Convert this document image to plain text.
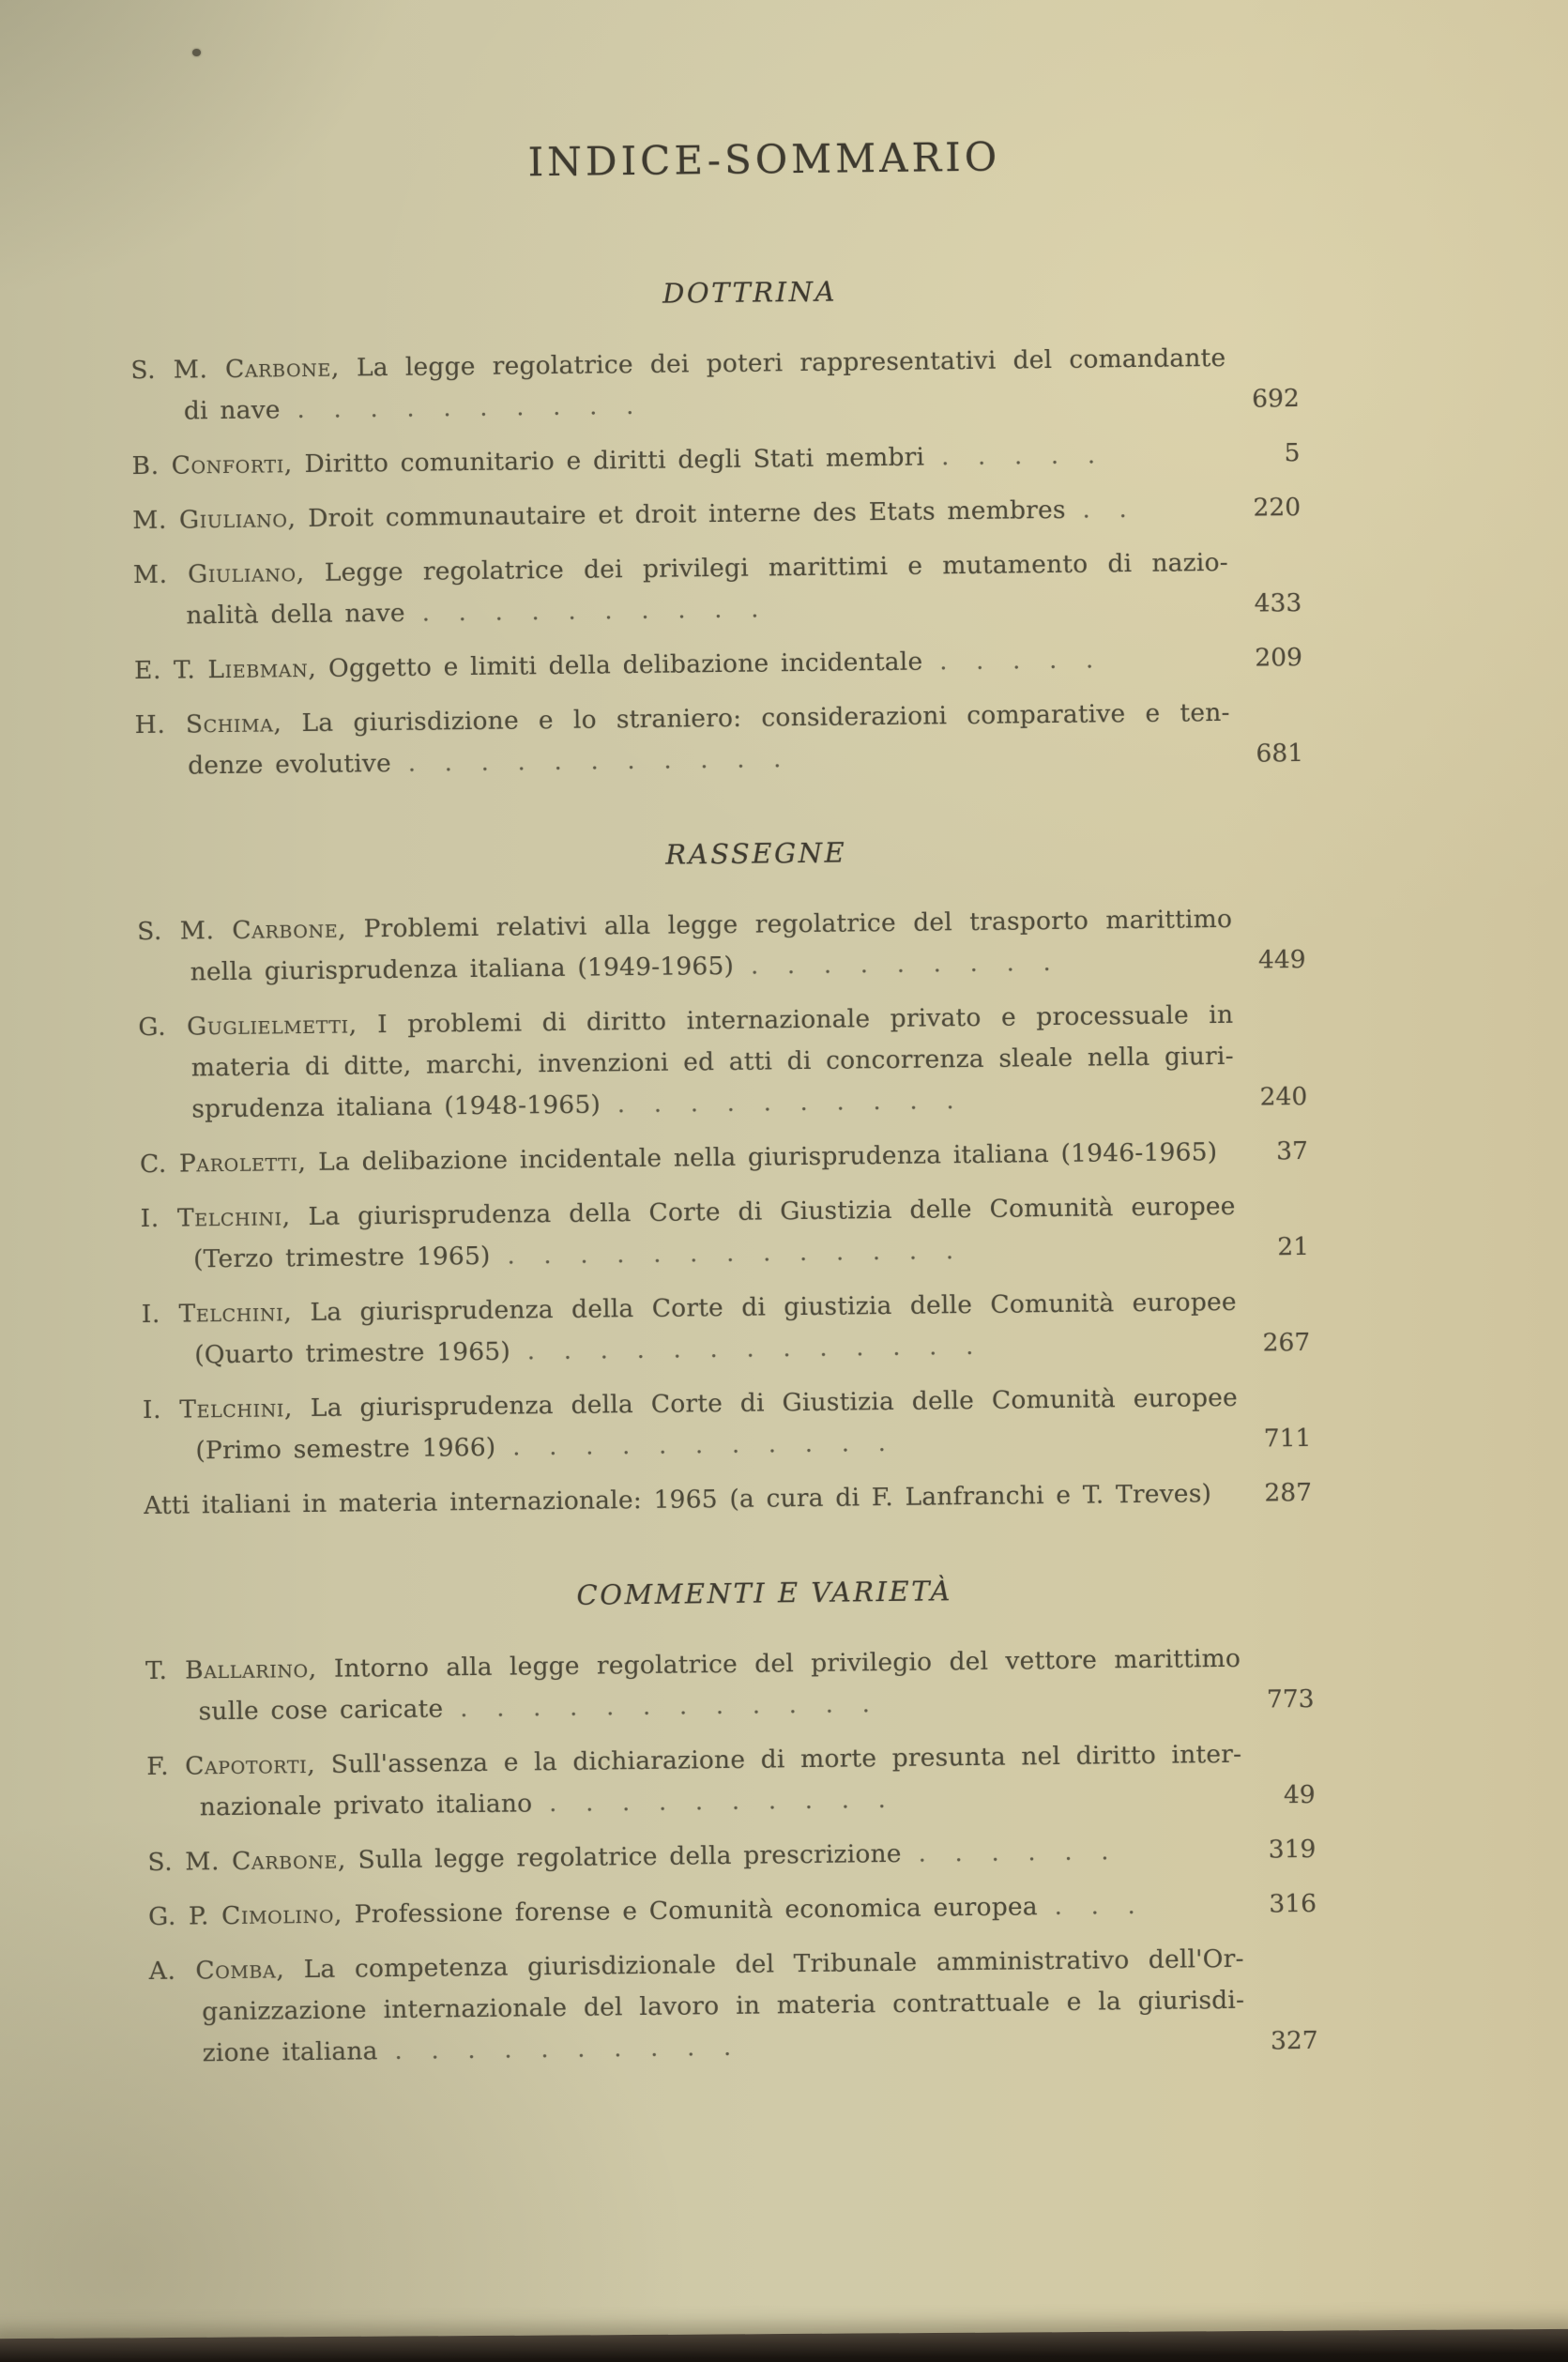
INDICE-SOMMARIO
DOTTRINA

S. M. Carbone, La legge regolatrice dei poteri rappresentativi del comandante
di nave ..........	692

B. Conforti, Diritto comunitario e diritti degli Stati membri .....	5

M. Giuliano, Droit communautaire et droit interne des Etats membres ..	220

M. Giuliano, Legge regolatrice dei privilegi marittimi e mutamento di nazio-
nalità della nave ..........	433

E. T. Liebman, Oggetto e limiti della delibazione incidentale .....	209

H. Schima, La giurisdizione e lo straniero: considerazioni comparative e ten-
denze evolutive ...........	681
RASSEGNE

S. M. Carbone, Problemi relativi alla legge regolatrice del trasporto marittimo
nella giurisprudenza italiana (1949-1965) .........	449

G. Guglielmetti, I problemi di diritto internazionale privato e processuale in
materia di ditte, marchi, invenzioni ed atti di concorrenza sleale nella giuri-
sprudenza italiana (1948-1965) ..........	240

C. Paroletti, La delibazione incidentale nella giurisprudenza italiana (1946-1965)	37

I. Telchini, La giurisprudenza della Corte di Giustizia delle Comunità europee
(Terzo trimestre 1965) .............	21

I. Telchini, La giurisprudenza della Corte di giustizia delle Comunità europee
(Quarto trimestre 1965) .............	267

I. Telchini, La giurisprudenza della Corte di Giustizia delle Comunità europee
(Primo semestre 1966) ...........	711

Atti italiani in materia internazionale: 1965 (a cura di F. Lanfranchi e T. Treves)	287
COMMENTI E VARIETÀ

T. Ballarino, Intorno alla legge regolatrice del privilegio del vettore marittimo
sulle cose caricate ............	773

F. Capotorti, Sull'assenza e la dichiarazione di morte presunta nel diritto inter-
nazionale privato italiano ..........	49

S. M. Carbone, Sulla legge regolatrice della prescrizione ......	319

G. P. Cimolino, Professione forense e Comunità economica europea ...	316

A. Comba, La competenza giurisdizionale del Tribunale amministrativo dell'Or-
ganizzazione internazionale del lavoro in materia contrattuale e la giurisdi-
zione italiana ..........	327
